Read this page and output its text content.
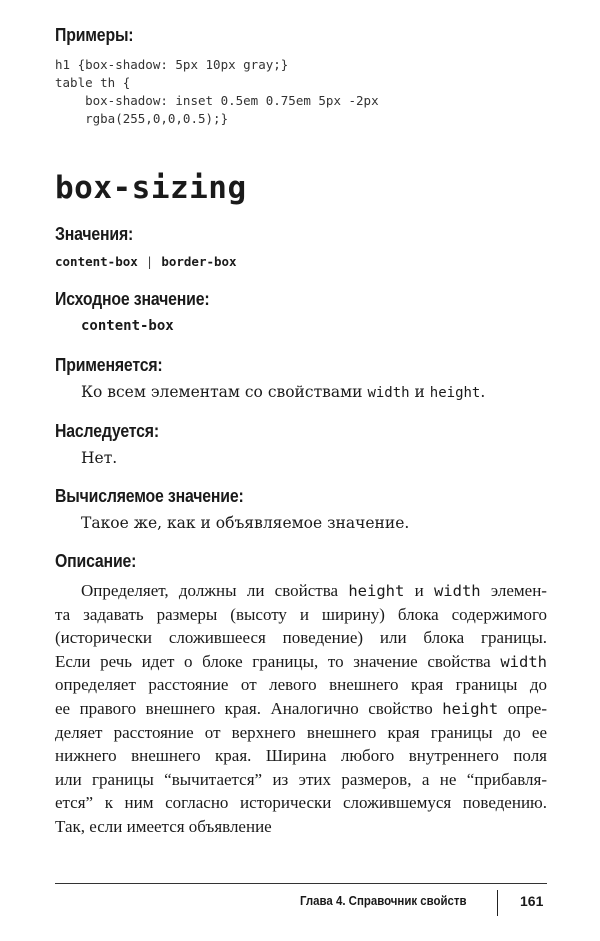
Примеры:
h1 {box-shadow: 5px 10px gray;}
table th {
box-shadow: inset 0.5em 0.75em 5px -2px
rgba(255,0,0,0.5);}
box-sizing
Значения:
content-box | border-box
Исходное значение:
content-box
Применяется:
Ко всем элементам со свойствами width и height.
Наследуется:
Нет.
Вычисляемое значение:
Такое же, как и объявляемое значение.
Описание:
Определяет, должны ли свойства height и width элемен-
та задавать размеры (высоту и ширину) блока содержимого
(исторически сложившееся поведение) или блока границы.
Если речь идет о блоке границы, то значение свойства width
определяет расстояние от левого внешнего края границы до
ее правого внешнего края. Аналогично свойство height опре-
деляет расстояние от верхнего внешнего края границы до ее
нижнего внешнего края. Ширина любого внутреннего поля
или границы “вычитается” из этих размеров, а не “прибавля-
ется” к ним согласно исторически сложившемуся поведению.
Так, если имеется объявление
Глава 4. Справочник свойств	161
